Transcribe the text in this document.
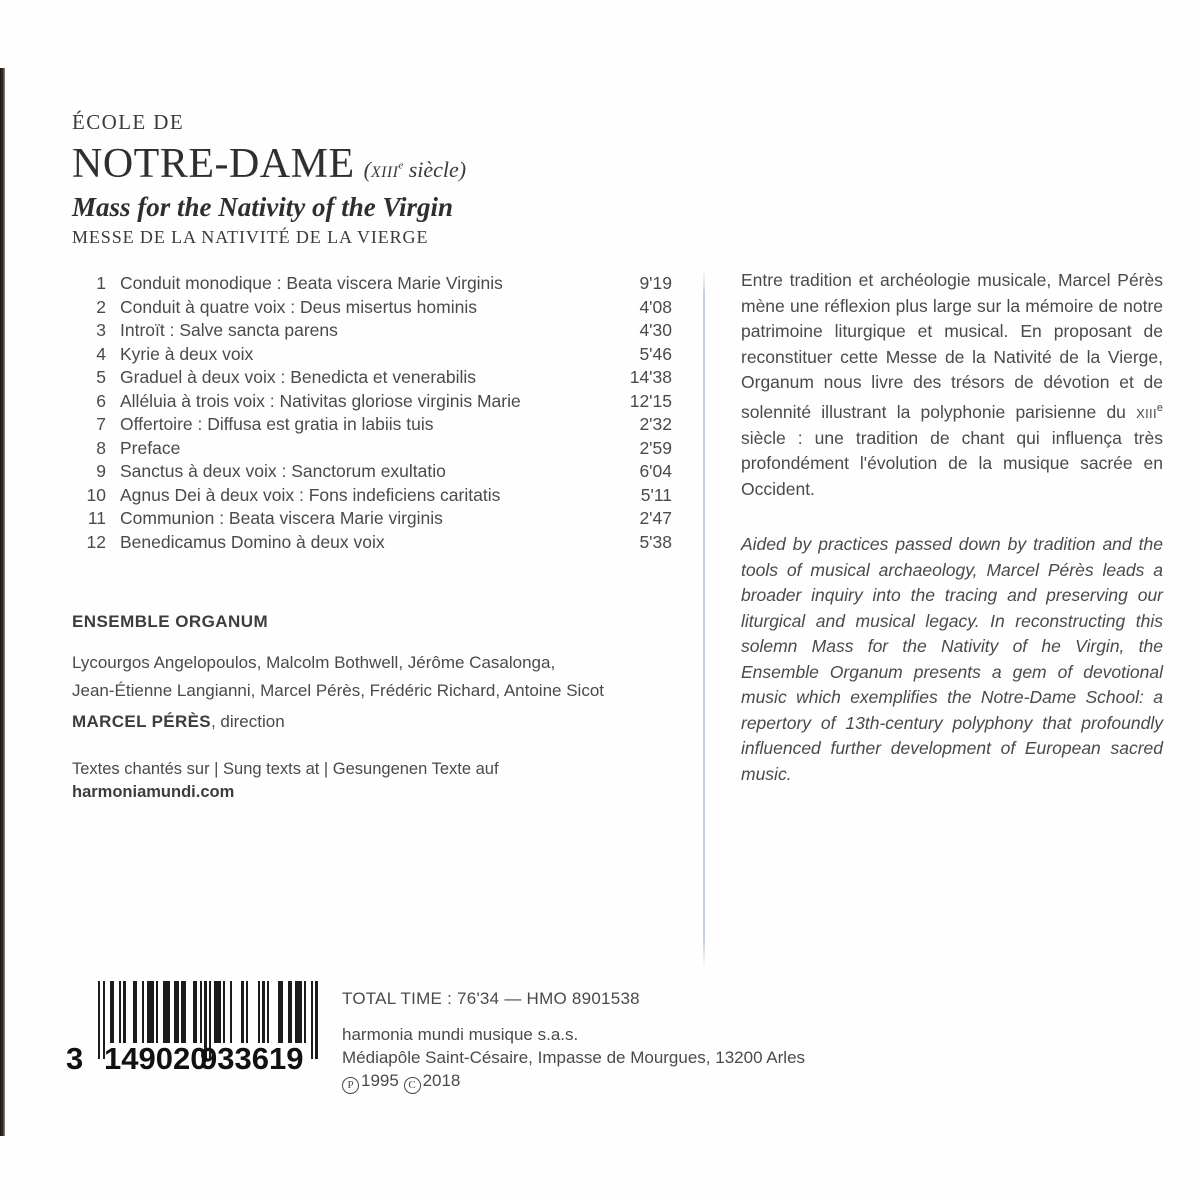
ÉCOLE DE
NOTRE-DAME (XIIIe siècle)
Mass for the Nativity of the Virgin
MESSE DE LA NATIVITÉ DE LA VIERGE
1 Conduit monodique : Beata viscera Marie Virginis	9'19
2 Conduit à quatre voix : Deus misertus hominis	4'08
3 Introït : Salve sancta parens	4'30
4 Kyrie à deux voix	5'46
5 Graduel à deux voix : Benedicta et venerabilis	14'38
6 Alléluia à trois voix : Nativitas gloriose virginis Marie	12'15
7 Offertoire : Diffusa est gratia in labiis tuis	2'32
8 Preface	2'59
9 Sanctus à deux voix : Sanctorum exultatio	6'04
10 Agnus Dei à deux voix : Fons indeficiens caritatis	5'11
11 Communion : Beata viscera Marie virginis	2'47
12 Benedicamus Domino à deux voix	5'38
ENSEMBLE ORGANUM
Lycourgos Angelopoulos, Malcolm Bothwell, Jérôme Casalonga,
Jean-Étienne Langianni, Marcel Pérès, Frédéric Richard, Antoine Sicot
MARCEL PÉRÈS, direction
Textes chantés sur | Sung texts at | Gesungenen Texte auf
harmoniamundi.com

Entre tradition et archéologie musicale, Marcel Pérès mène une réflexion plus large sur la mémoire de notre patrimoine liturgique et musical. En proposant de reconstituer cette Messe de la Nativité de la Vierge, Organum nous livre des trésors de dévotion et de solennité illustrant la polyphonie parisienne du XIIIe siècle : une tradition de chant qui influença très profondément l'évolution de la musique sacrée en Occident.

Aided by practices passed down by tradition and the tools of musical archaeology, Marcel Pérès leads a broader inquiry into the tracing and preserving our liturgical and musical legacy. In reconstructing this solemn Mass for the Nativity of he Virgin, the Ensemble Organum presents a gem of devotional music which exemplifies the Notre-Dame School: a repertory of 13th-century polyphony that profoundly influenced further development of European sacred music.

3 149020
933619
TOTAL TIME : 76'34 — HMO 8901538
harmonia mundi musique s.a.s.
Médiapôle Saint-Césaire, Impasse de Mourgues, 13200 Arles
P 1995 C 2018
